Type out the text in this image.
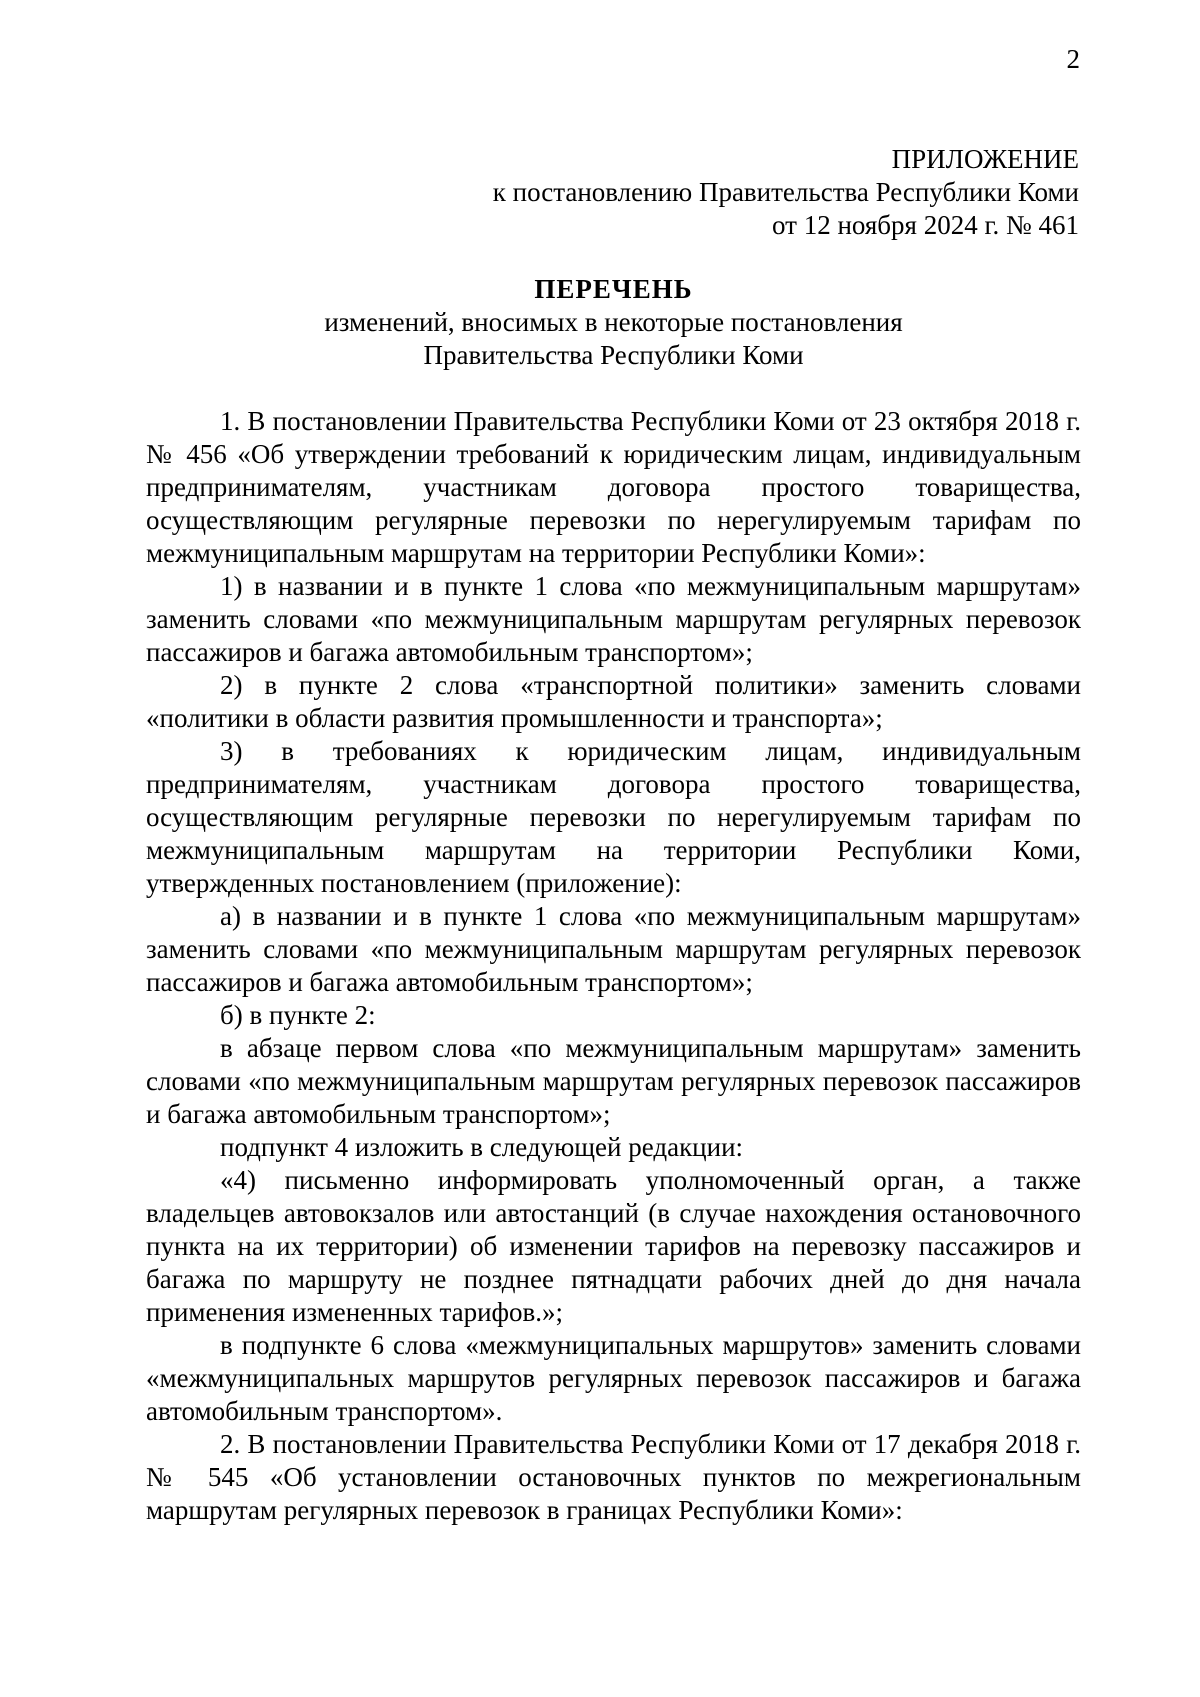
2
ПРИЛОЖЕНИЕ
к постановлению Правительства Республики Коми
от 12 ноября 2024 г. № 461
ПЕРЕЧЕНЬ
изменений, вносимых в некоторые постановления
Правительства Республики Коми

1. В постановлении Правительства Республики Коми от 23 октября 2018 г. № 456 «Об утверждении требований к юридическим лицам, индивидуальным предпринимателям, участникам договора простого товарищества, осуществляющим регулярные перевозки по нерегулируемым тарифам по межмуниципальным маршрутам на территории Республики Коми»:

1) в названии и в пункте 1 слова «по межмуниципальным маршрутам» заменить словами «по межмуниципальным маршрутам регулярных перевозок пассажиров и багажа автомобильным транспортом»;

2) в пункте 2 слова «транспортной политики» заменить словами «политики в области развития промышленности и транспорта»;

3) в требованиях к юридическим лицам, индивидуальным предпринимателям, участникам договора простого товарищества, осуществляющим регулярные перевозки по нерегулируемым тарифам по межмуниципальным маршрутам на территории Республики Коми, утвержденных постановлением (приложение):

а) в названии и в пункте 1 слова «по межмуниципальным маршрутам» заменить словами «по межмуниципальным маршрутам регулярных перевозок пассажиров и багажа автомобильным транспортом»;

б) в пункте 2:

в абзаце первом слова «по межмуниципальным маршрутам» заменить словами «по межмуниципальным маршрутам регулярных перевозок пассажиров и багажа автомобильным транспортом»;

подпункт 4 изложить в следующей редакции:

«4) письменно информировать уполномоченный орган, а также владельцев автовокзалов или автостанций (в случае нахождения остановочного пункта на их территории) об изменении тарифов на перевозку пассажиров и багажа по маршруту не позднее пятнадцати рабочих дней до дня начала применения измененных тарифов.»;

в подпункте 6 слова «межмуниципальных маршрутов» заменить словами «межмуниципальных маршрутов регулярных перевозок пассажиров и багажа автомобильным транспортом».

2. В постановлении Правительства Республики Коми от 17 декабря 2018 г. № 545 «Об установлении остановочных пунктов по межрегиональным маршрутам регулярных перевозок в границах Республики Коми»:
